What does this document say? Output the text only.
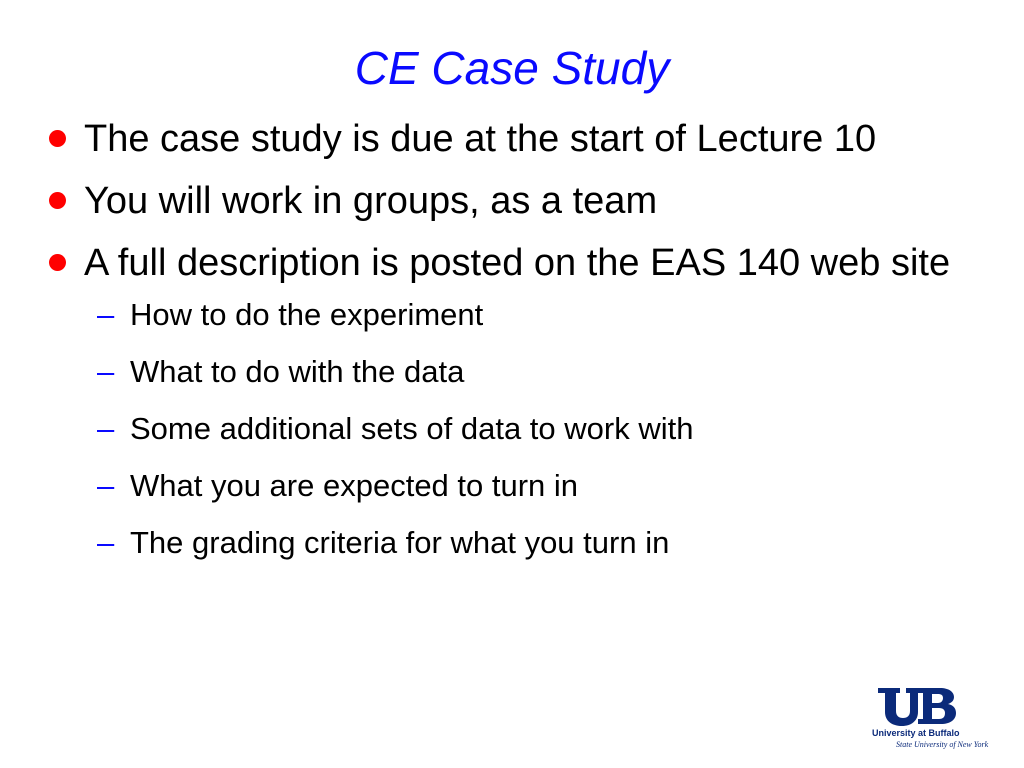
CE Case Study
The case study is due at the start of Lecture 10
You will work in groups, as a team
A full description is posted on the EAS 140 web site
– How to do the experiment
– What to do with the data
– Some additional sets of data to work with
– What you are expected to turn in
– The grading criteria for what you turn in
University at Buffalo
State University of New York
